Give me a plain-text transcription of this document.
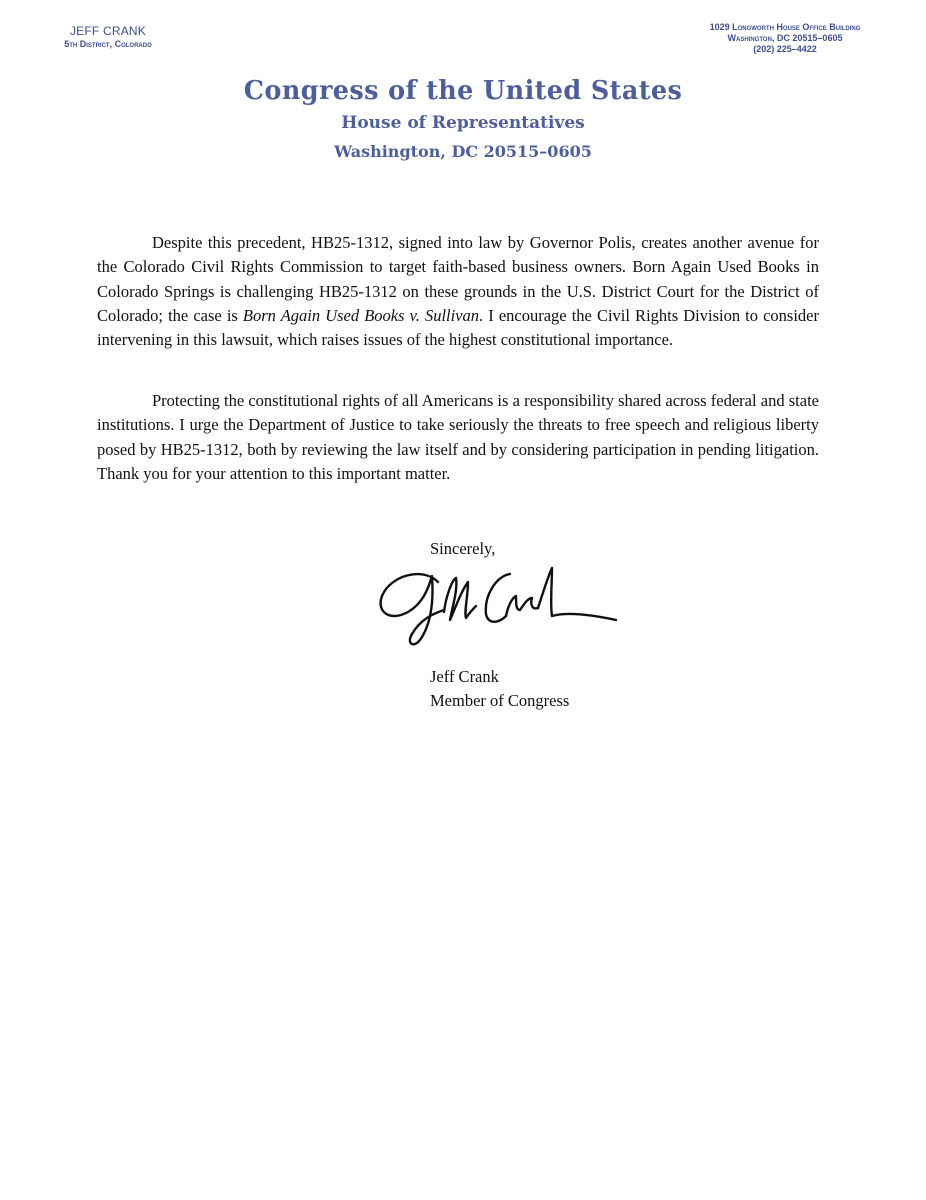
JEFF CRANK
5th District, Colorado
1029 Longworth House Office Building
Washington, DC 20515–0605
(202) 225–4422
Congress of the United States
House of Representatives
Washington, DC 20515–0605

Despite this precedent, HB25-1312, signed into law by Governor Polis, creates another avenue for the Colorado Civil Rights Commission to target faith-based business owners. Born Again Used Books in Colorado Springs is challenging HB25-1312 on these grounds in the U.S. District Court for the District of Colorado; the case is Born Again Used Books v. Sullivan. I encourage the Civil Rights Division to consider intervening in this lawsuit, which raises issues of the highest constitutional importance.

Protecting the constitutional rights of all Americans is a responsibility shared across federal and state institutions. I urge the Department of Justice to take seriously the threats to free speech and religious liberty posed by HB25-1312, both by reviewing the law itself and by considering participation in pending litigation. Thank you for your attention to this important matter.

Sincerely,
Jeff Crank
Member of Congress
